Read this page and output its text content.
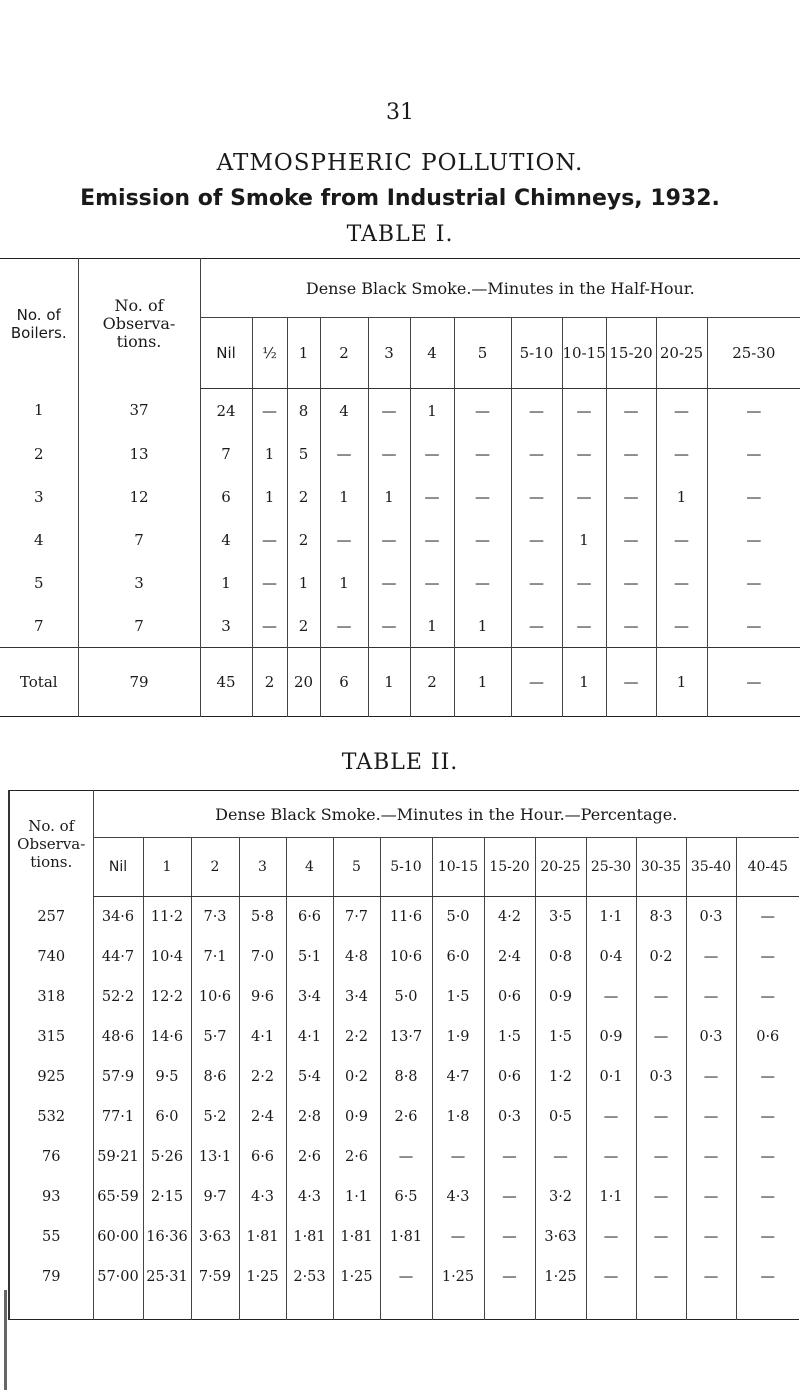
31
ATMOSPHERIC POLLUTION.
Emission of Smoke from Industrial Chimneys, 1932.
TABLE I.
No. of Boilers.	No. of Observa- tions.	Dense Black Smoke.—Minutes in the Half-Hour.											
		Nil	½	1	2	3	4	5	5-10	10-15	15-20	20-25	25-30
1	37	24	—	8	4	—	1	—	—	—	—	—	—
2	13	7	1	5	—	—	—	—	—	—	—	—	—
3	12	6	1	2	1	1	—	—	—	—	—	1	—
4	7	4	—	2	—	—	—	—	—	1	—	—	—
5	3	1	—	1	1	—	—	—	—	—	—	—	—
7	7	3	—	2	—	—	1	1	—	—	—	—	—
Total	79	45	2	20	6	1	2	1	—	1	—	1	—
TABLE II.
No. of Observa- tions.	Dense Black Smoke.—Minutes in the Hour.—Percentage.													
	Nil	1	2	3	4	5	5-10	10-15	15-20	20-25	25-30	30-35	35-40	40-45
257	34·6	11·2	7·3	5·8	6·6	7·7	11·6	5·0	4·2	3·5	1·1	8·3	0·3	—
740	44·7	10·4	7·1	7·0	5·1	4·8	10·6	6·0	2·4	0·8	0·4	0·2	—	—
318	52·2	12·2	10·6	9·6	3·4	3·4	5·0	1·5	0·6	0·9	—	—	—	—
315	48·6	14·6	5·7	4·1	4·1	2·2	13·7	1·9	1·5	1·5	0·9	—	0·3	0·6
925	57·9	9·5	8·6	2·2	5·4	0·2	8·8	4·7	0·6	1·2	0·1	0·3	—	—
532	77·1	6·0	5·2	2·4	2·8	0·9	2·6	1·8	0·3	0·5	—	—	—	—
76	59·21	5·26	13·1	6·6	2·6	2·6	—	—	—	—	—	—	—	—
93	65·59	2·15	9·7	4·3	4·3	1·1	6·5	4·3	—	3·2	1·1	—	—	—
55	60·00	16·36	3·63	1·81	1·81	1·81	1·81	—	—	3·63	—	—	—	—
79	57·00	25·31	7·59	1·25	2·53	1·25	—	1·25	—	1·25	—	—	—	—
